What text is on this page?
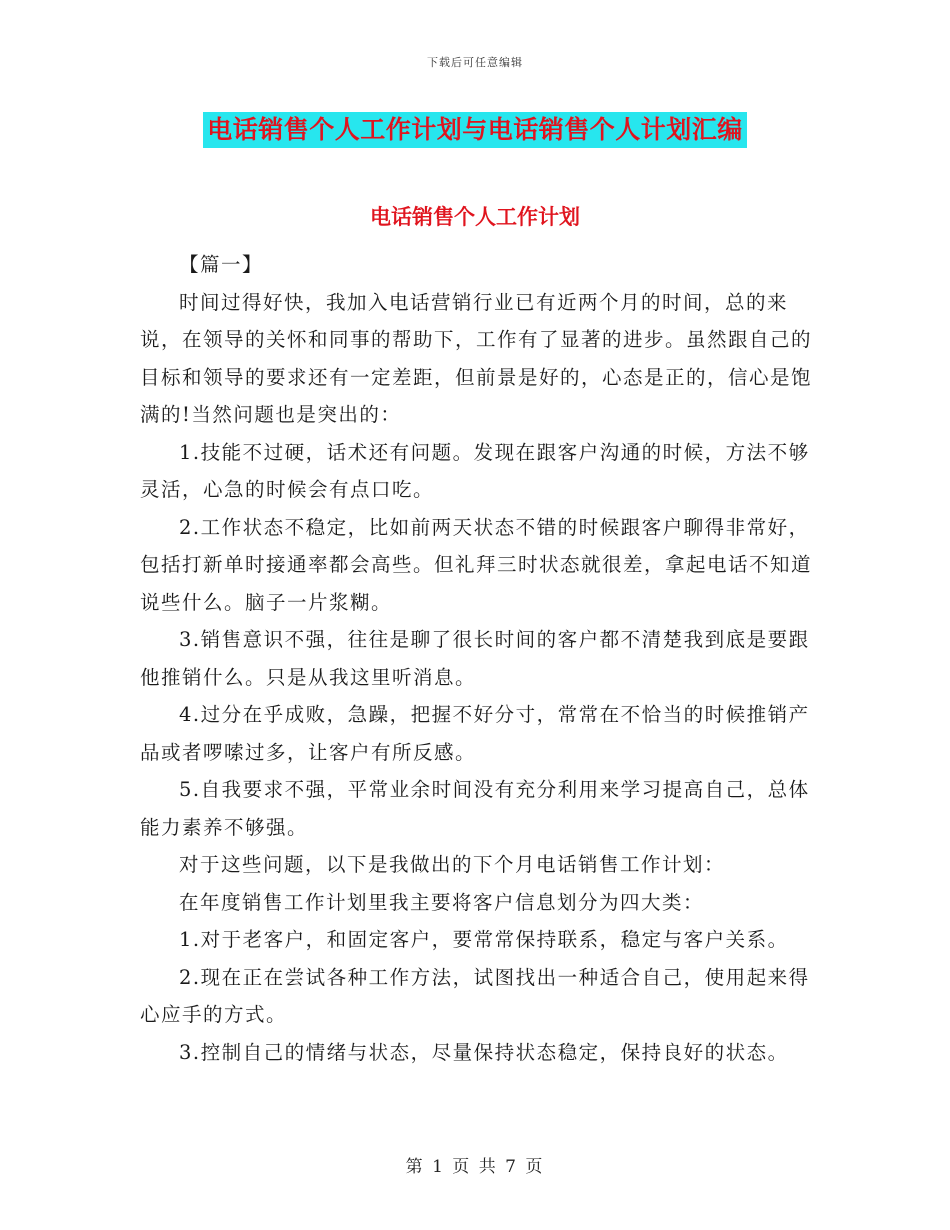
下载后可任意编辑
电话销售个人工作计划与电话销售个人计划汇编
电话销售个人工作计划

【篇一】

时间过得好快，我加入电话营销行业已有近两个月的时间，总的来说，在领导的关怀和同事的帮助下，工作有了显著的进步。虽然跟自己的目标和领导的要求还有一定差距，但前景是好的，心态是正的，信心是饱满的!当然问题也是突出的：

1.技能不过硬，话术还有问题。发现在跟客户沟通的时候，方法不够灵活，心急的时候会有点口吃。

2.工作状态不稳定，比如前两天状态不错的时候跟客户聊得非常好，包括打新单时接通率都会高些。但礼拜三时状态就很差，拿起电话不知道说些什么。脑子一片浆糊。

3.销售意识不强，往往是聊了很长时间的客户都不清楚我到底是要跟他推销什么。只是从我这里听消息。

4.过分在乎成败，急躁，把握不好分寸，常常在不恰当的时候推销产品或者啰嗦过多，让客户有所反感。

5.自我要求不强，平常业余时间没有充分利用来学习提高自己，总体能力素养不够强。

对于这些问题，以下是我做出的下个月电话销售工作计划：

在年度销售工作计划里我主要将客户信息划分为四大类：

1.对于老客户，和固定客户，要常常保持联系，稳定与客户关系。

2.现在正在尝试各种工作方法，试图找出一种适合自己，使用起来得心应手的方式。

3.控制自己的情绪与状态，尽量保持状态稳定，保持良好的状态。

第 1 页 共 7 页
